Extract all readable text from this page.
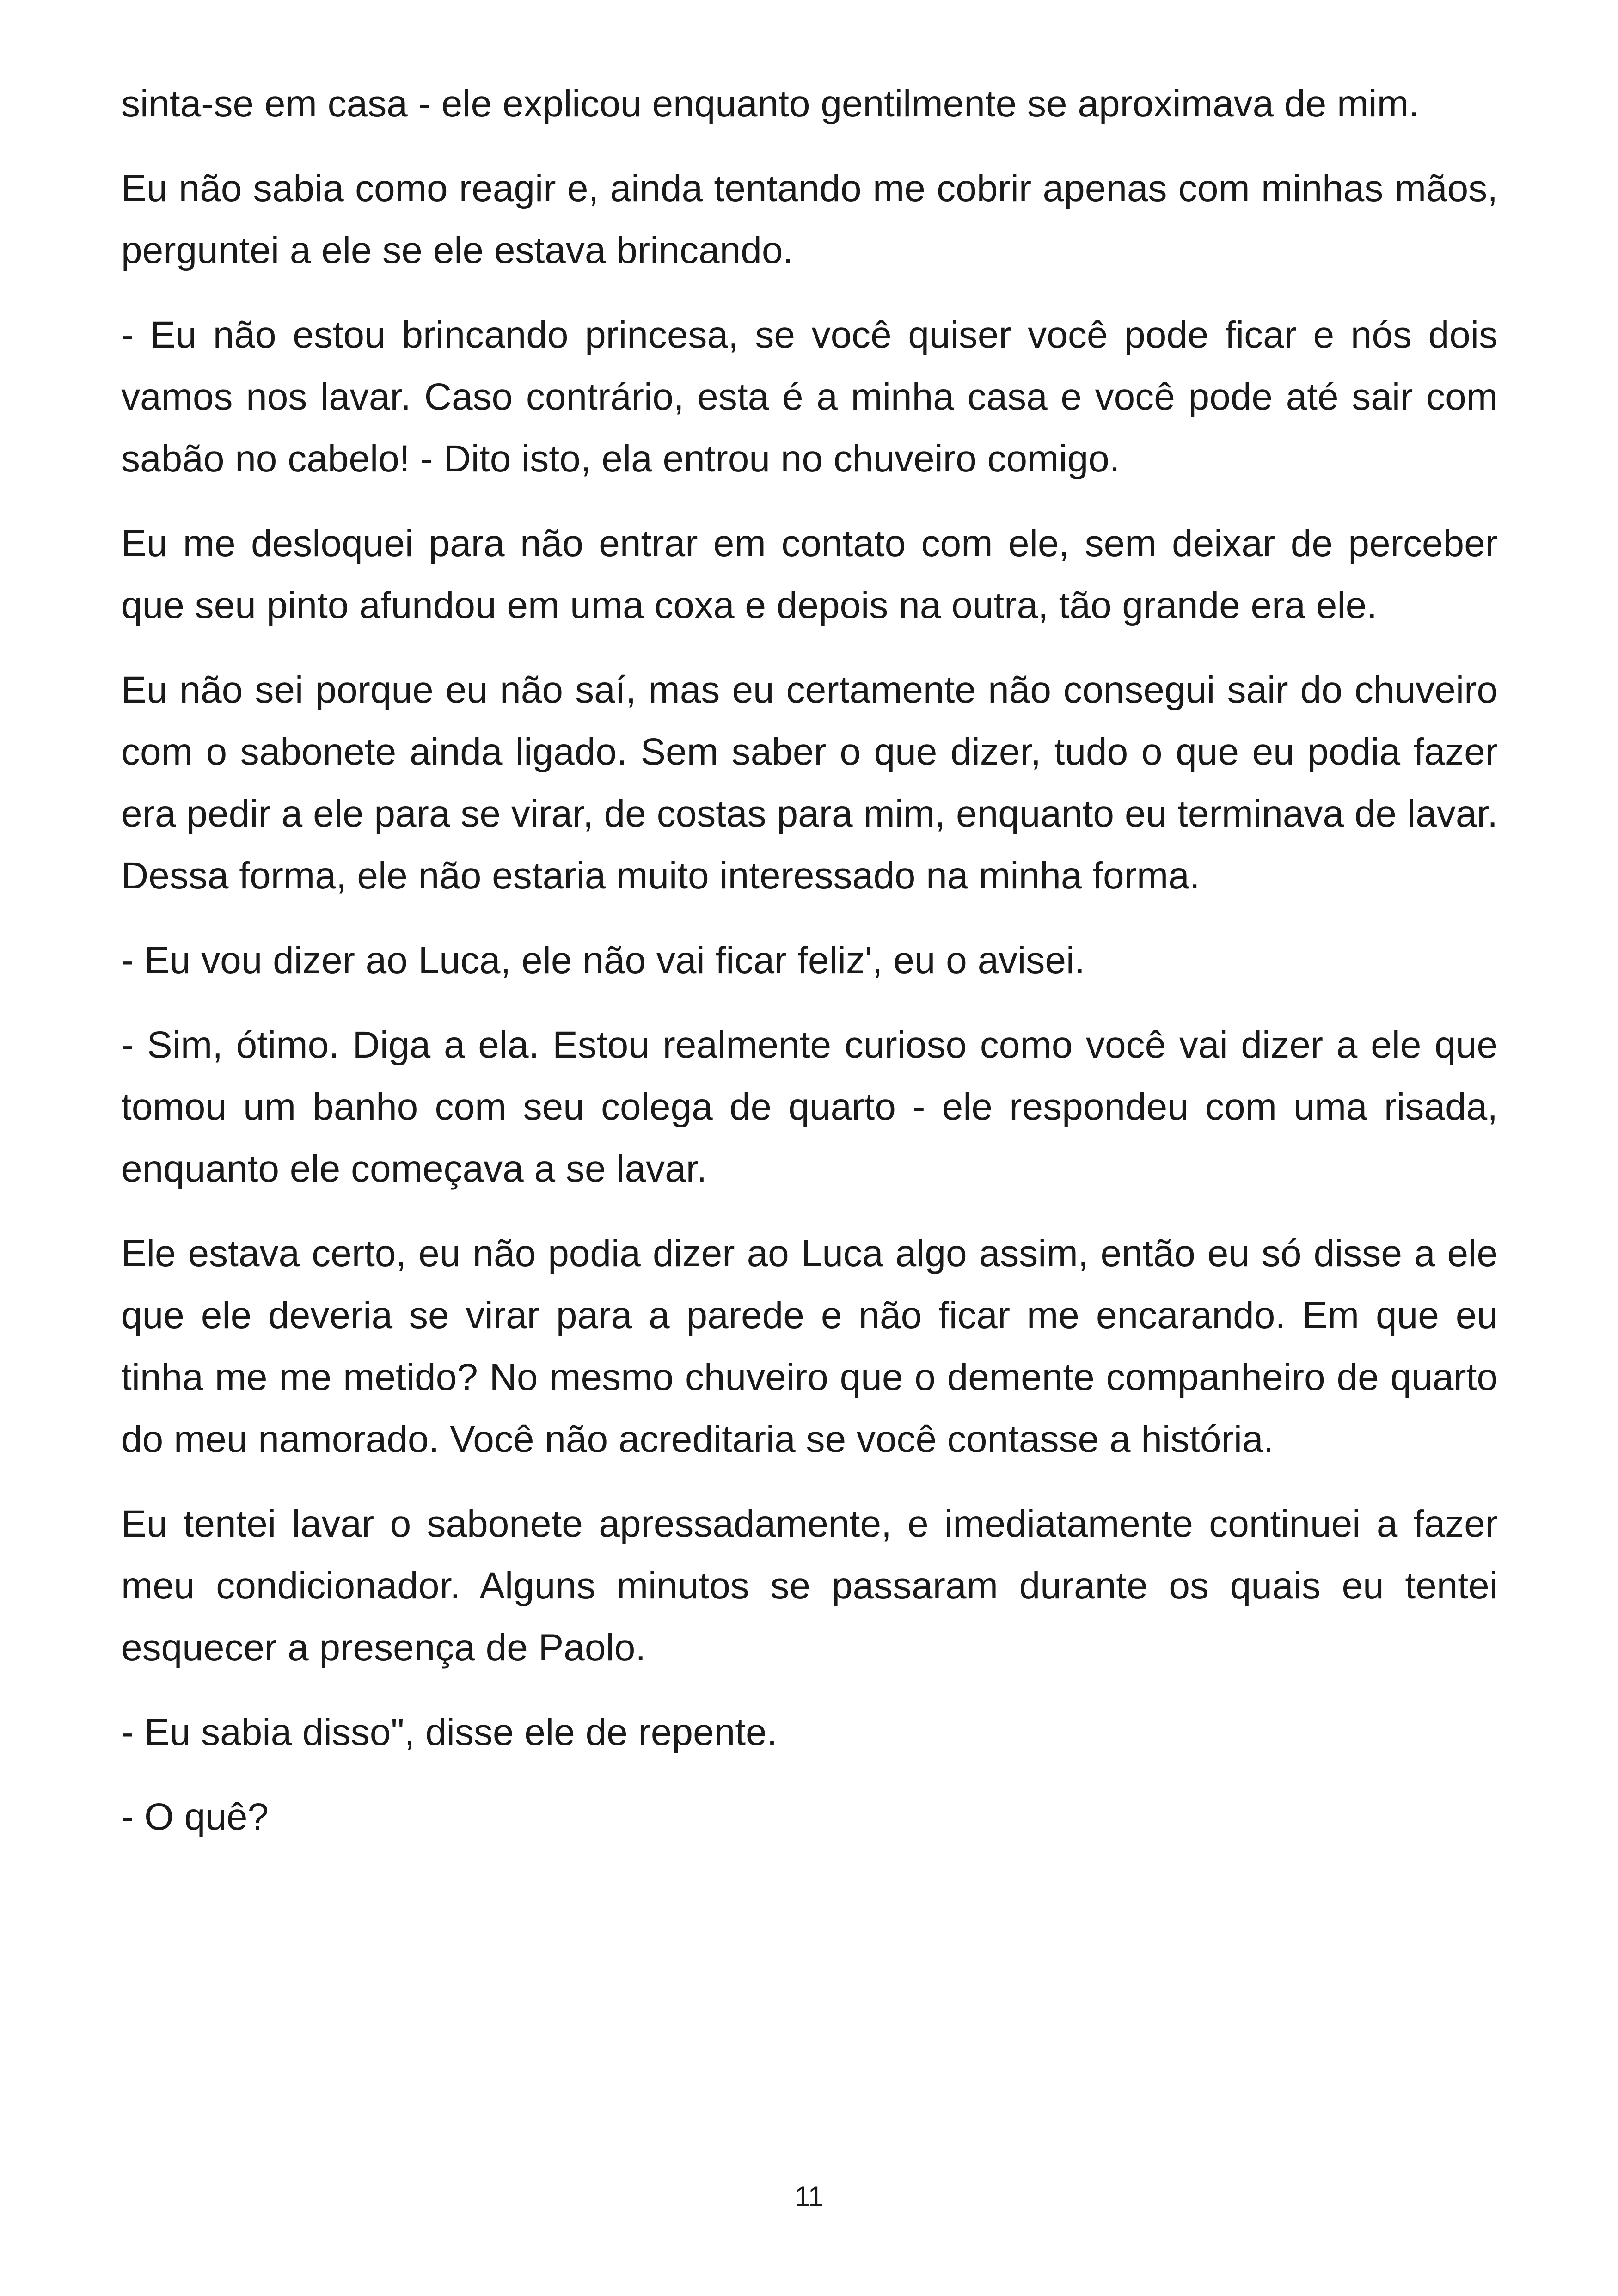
sinta-se em casa - ele explicou enquanto gentilmente se aproximava de mim.

Eu não sabia como reagir e, ainda tentando me cobrir apenas com minhas mãos, perguntei a ele se ele estava brincando.

- Eu não estou brincando princesa, se você quiser você pode ficar e nós dois vamos nos lavar. Caso contrário, esta é a minha casa e você pode até sair com sabão no cabelo! - Dito isto, ela entrou no chuveiro comigo.

Eu me desloquei para não entrar em contato com ele, sem deixar de perceber que seu pinto afundou em uma coxa e depois na outra, tão grande era ele.

Eu não sei porque eu não saí, mas eu certamente não consegui sair do chuveiro com o sabonete ainda ligado. Sem saber o que dizer, tudo o que eu podia fazer era pedir a ele para se virar, de costas para mim, enquanto eu terminava de lavar. Dessa forma, ele não estaria muito interessado na minha forma.

- Eu vou dizer ao Luca, ele não vai ficar feliz', eu o avisei.

- Sim, ótimo. Diga a ela. Estou realmente curioso como você vai dizer a ele que tomou um banho com seu colega de quarto - ele respondeu com uma risada, enquanto ele começava a se lavar.

Ele estava certo, eu não podia dizer ao Luca algo assim, então eu só disse a ele que ele deveria se virar para a parede e não ficar me encarando. Em que eu tinha me me metido? No mesmo chuveiro que o demente companheiro de quarto do meu namorado. Você não acreditaria se você contasse a história.

Eu tentei lavar o sabonete apressadamente, e imediatamente continuei a fazer meu condicionador. Alguns minutos se passaram durante os quais eu tentei esquecer a presença de Paolo.

- Eu sabia disso", disse ele de repente.

- O quê?

11
